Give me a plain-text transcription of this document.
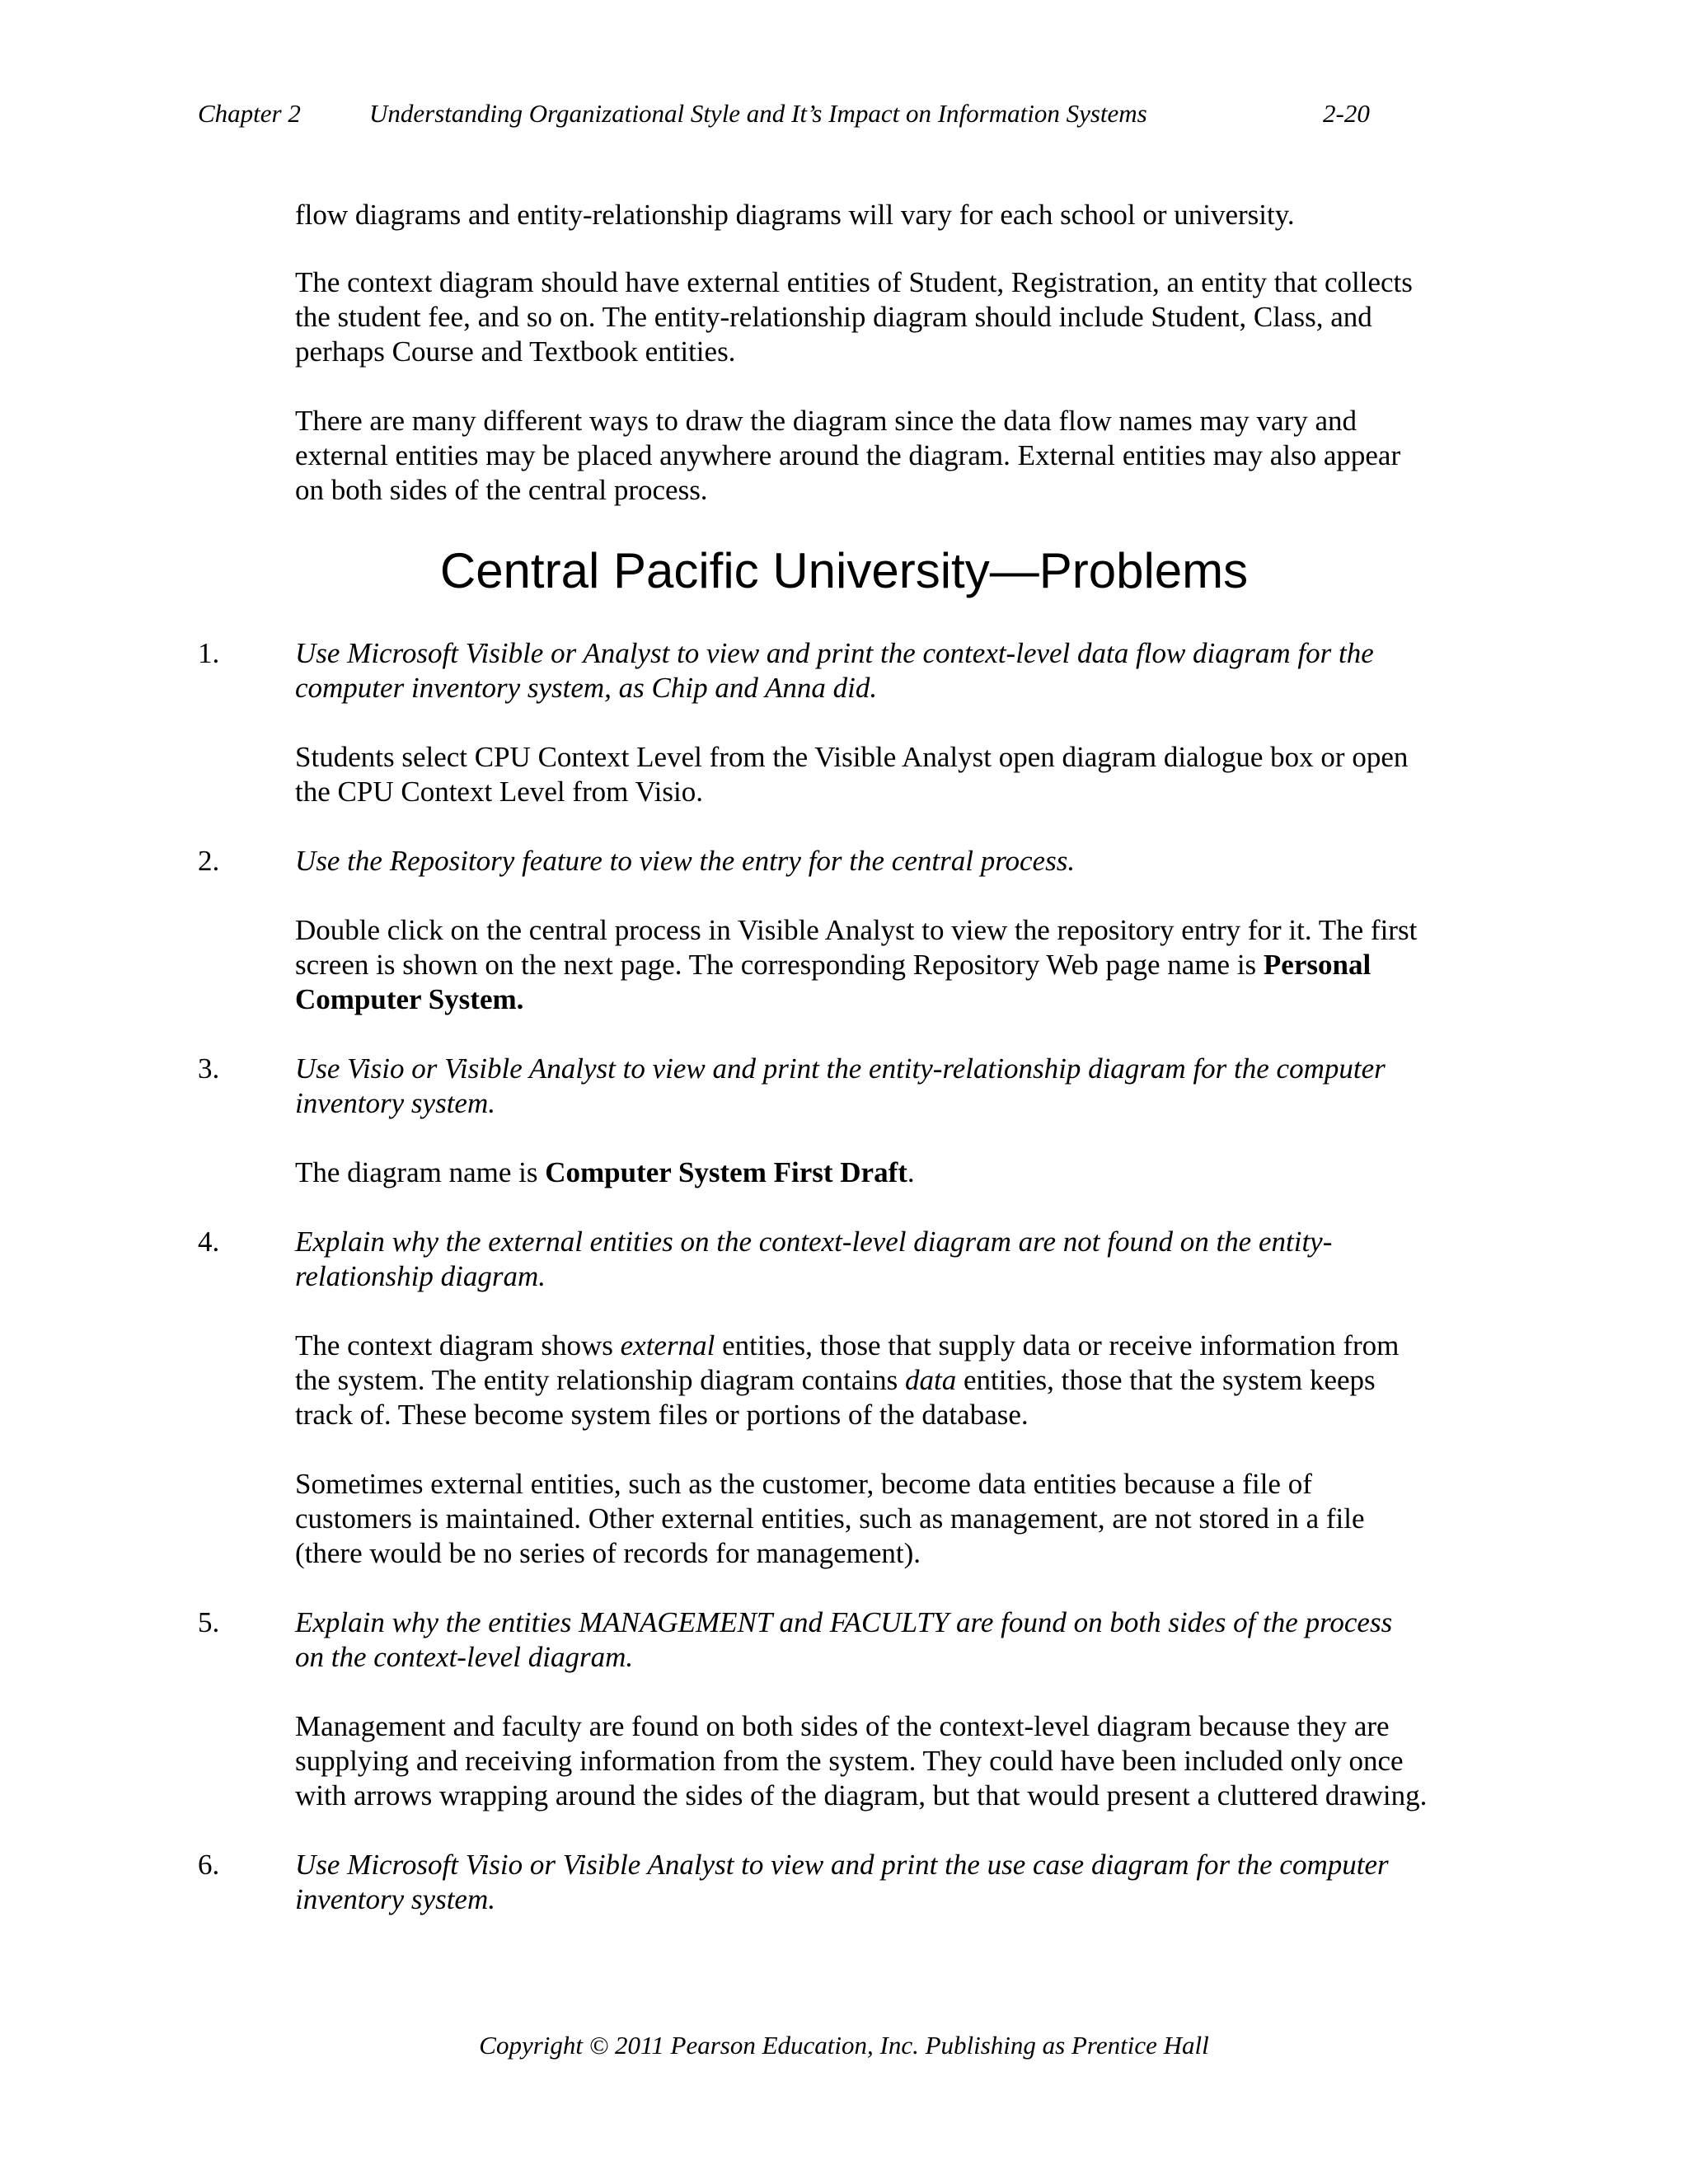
Chapter 2	Understanding Organizational Style and It’s Impact on Information Systems	2-20

flow diagrams and entity-relationship diagrams will vary for each school or university.

The context diagram should have external entities of Student, Registration, an entity that collects
the student fee, and so on. The entity-relationship diagram should include Student, Class, and
perhaps Course and Textbook entities.

There are many different ways to draw the diagram since the data flow names may vary and
external entities may be placed anywhere around the diagram. External entities may also appear
on both sides of the central process.

Central Pacific University—Problems
1.	Use Microsoft Visible or Analyst to view and print the context-level data flow diagram for the
computer inventory system, as Chip and Anna did.

Students select CPU Context Level from the Visible Analyst open diagram dialogue box or open
the CPU Context Level from Visio.

2.	Use the Repository feature to view the entry for the central process.

Double click on the central process in Visible Analyst to view the repository entry for it. The first
screen is shown on the next page. The corresponding Repository Web page name is Personal
Computer System.

3.	Use Visio or Visible Analyst to view and print the entity-relationship diagram for the computer
inventory system.

The diagram name is Computer System First Draft.

4.	Explain why the external entities on the context-level diagram are not found on the entity-
relationship diagram.

The context diagram shows external entities, those that supply data or receive information from
the system. The entity relationship diagram contains data entities, those that the system keeps
track of. These become system files or portions of the database.

Sometimes external entities, such as the customer, become data entities because a file of
customers is maintained. Other external entities, such as management, are not stored in a file
(there would be no series of records for management).

5.	Explain why the entities MANAGEMENT and FACULTY are found on both sides of the process
on the context-level diagram.

Management and faculty are found on both sides of the context-level diagram because they are
supplying and receiving information from the system. They could have been included only once
with arrows wrapping around the sides of the diagram, but that would present a cluttered drawing.

6.	Use Microsoft Visio or Visible Analyst to view and print the use case diagram for the computer
inventory system.

Copyright © 2011 Pearson Education, Inc. Publishing as Prentice Hall
